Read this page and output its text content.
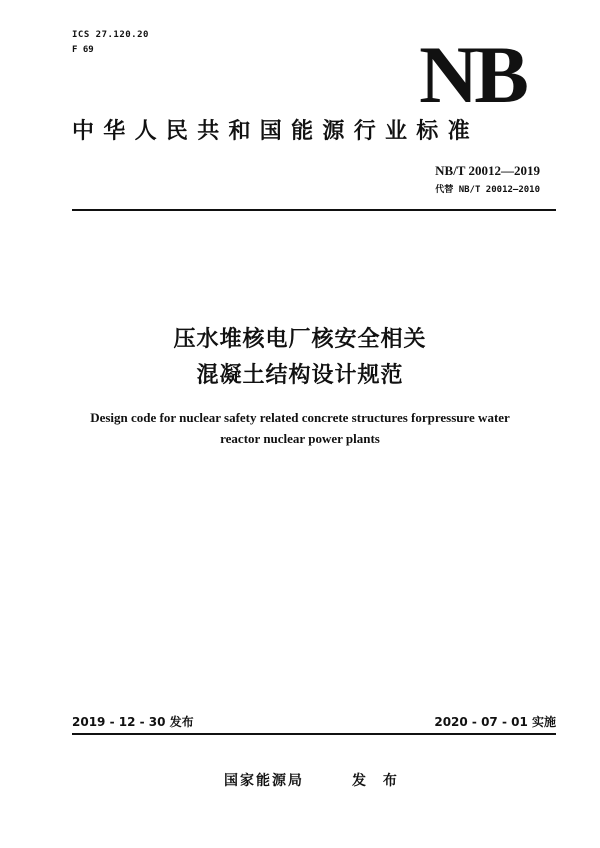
ICS 27.120.20
F 69	NB
中华人民共和国能源行业标准
NB/T 20012—2019
代替 NB/T 20012—2010
压水堆核电厂核安全相关
混凝土结构设计规范
Design code for nuclear safety related concrete structures forpressure water
reactor nuclear power plants
2019 - 12 - 30 发布	2020 - 07 - 01 实施
国家能源局	发 布
